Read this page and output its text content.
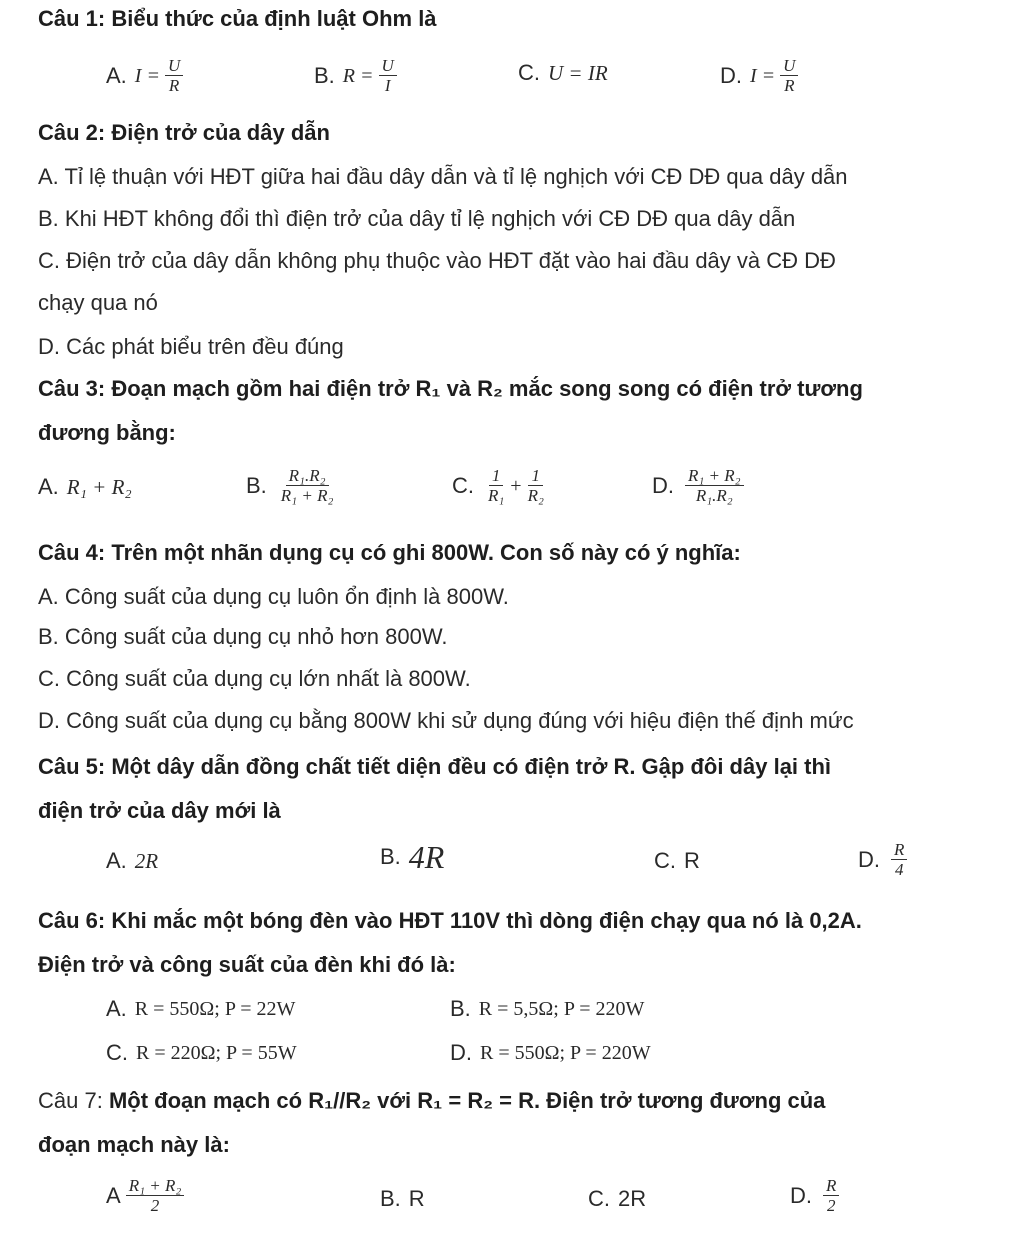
Câu 1: Biểu thức của định luật Ohm là
A. $I = \frac{U}{R}$	B. $R = \frac{U}{I}$	C. U = IR	D. $I = \frac{U}{R}$
Câu 2: Điện trở của dây dẫn
A. Tỉ lệ thuận với HĐT giữa hai đầu dây dẫn và tỉ lệ nghịch với CĐ DĐ qua dây dẫn
B. Khi HĐT không đổi thì điện trở của dây tỉ lệ nghịch với CĐ DĐ qua dây dẫn
C. Điện trở của dây dẫn không phụ thuộc vào HĐT đặt vào hai đầu dây và CĐ DĐ
chạy qua nó
D. Các phát biểu trên đều đúng
Câu 3: Đoạn mạch gồm hai điện trở R₁ và R₂ mắc song song có điện trở tương
đương bằng:
A. R₁ + R₂	B. $\frac{\text{R₁.R₂}}{\text{R₁ + R₂}}$	C. $\frac{1}{\text{R₁}} + \frac{1}{\text{R₂}}$	D. $\frac{\text{R₁ + R₂}}{\text{R₁.R₂}}$
Câu 4: Trên một nhãn dụng cụ có ghi 800W. Con số này có ý nghĩa:
A. Công suất của dụng cụ luôn ổn định là 800W.
B. Công suất của dụng cụ nhỏ hơn 800W.
C. Công suất của dụng cụ lớn nhất là 800W.
D. Công suất của dụng cụ bằng 800W khi sử dụng đúng với hiệu điện thế định mức
Câu 5: Một dây dẫn đồng chất tiết diện đều có điện trở R. Gập đôi dây lại thì
điện trở của dây mới là
A. 2R	B. 4R	C. R	D. $\frac{R}{4}$
Câu 6: Khi mắc một bóng đèn vào HĐT 110V thì dòng điện chạy qua nó là 0,2A.
Điện trở và công suất của đèn khi đó là:
A. R = 550Ω; P = 22W	B. R = 5,5Ω; P = 220W
C. R = 220Ω; P = 55W	D. R = 550Ω; P = 220W
Câu 7: Một đoạn mạch có R₁//R₂ với R₁ = R₂ = R. Điện trở tương đương của
đoạn mạch này là:
A $\frac{\text{R₁ + R₂}}{2}$	B. R	C. 2R	D. $\frac{R}{2}$
